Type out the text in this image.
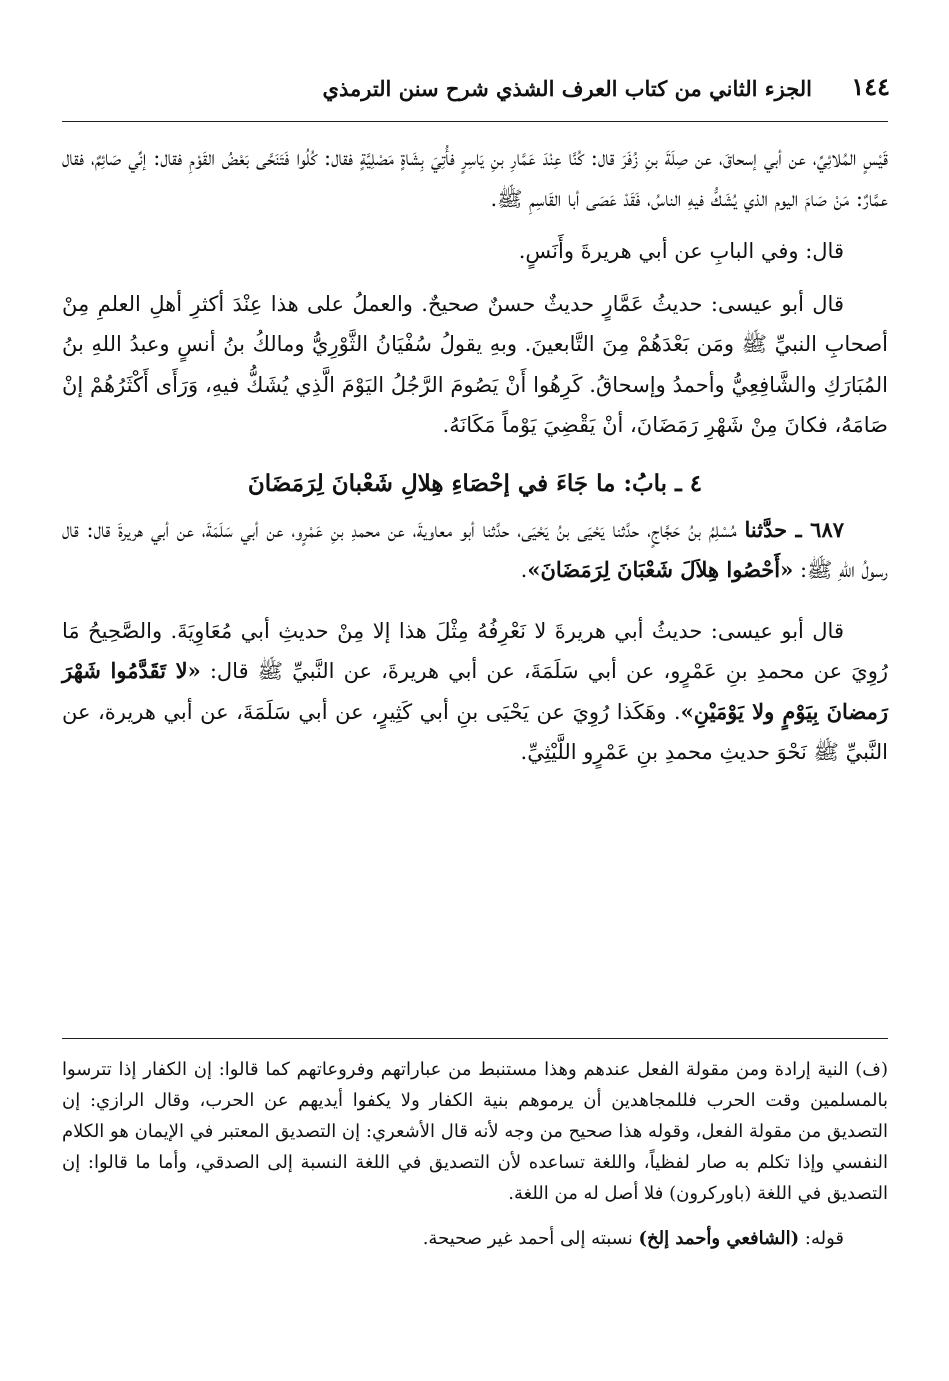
١٤٤
الجزء الثاني من كتاب العرف الشذي شرح سنن الترمذي

قَيْسٍ المُلائِيِّ، عن أبي إسحاقَ، عن صِلَةَ بنِ زُفَرَ قال: كُنَّا عِنْدَ عَمَّارِ بنِ يَاسِرٍ فأُتِيَ بِشَاةٍ مَصْلِيَّةٍ فقال: كُلُوا فَتَنَحَّى بَعْضُ القَوْمِ فقال: إنِّي صَائِمٌ، فقال عمَّارٌ: مَنْ صَامَ اليوم الذي يُشَكُّ فيهِ الناسُ، فَقَدْ عَصَى أبا القَاسِمِ ﷺ.

قال: وفي البابِ عن أبي هريرةَ وأَنَسٍ.

قال أبو عيسى: حديثُ عَمَّارٍ حديثٌ حسنٌ صحيحٌ. والعملُ على هذا عِنْدَ أكثرِ أهلِ العلمِ مِنْ أصحابِ النبيِّ ﷺ ومَن بَعْدَهُمْ مِنَ التَّابعينَ. وبهِ يقولُ سُفْيَانُ الثَّوْرِيُّ ومالكُ بنُ أنسٍ وعبدُ اللهِ بنُ المُبَارَكِ والشَّافِعِيُّ وأحمدُ وإسحاقُ. كَرِهُوا أَنْ يَصُومَ الرَّجُلُ اليَوْمَ الَّذِي يُشَكُّ فيهِ، وَرَأَى أَكْثَرُهُمْ إنْ صَامَهُ، فكانَ مِنْ شَهْرِ رَمَضَانَ، أنْ يَقْضِيَ يَوْماً مَكَانَهُ.

٤ ـ بابُ: ما جَاءَ في إحْصَاءِ هِلالِ شَعْبانَ لِرَمَضَانَ

٦٨٧ ـ حدَّثنا مُسْلِمُ بنُ حَجَّاجٍ، حدَّثنا يَحْيَى بنُ يَحْيَى، حدَّثنا أبو معاويةَ، عن محمدِ بنِ عَمْرٍو، عن أبي سَلَمَةَ، عن أبي هريرةَ قال: قال رسولُ اللهِ ﷺ: «أَحْصُوا هِلاَلَ شَعْبَانَ لِرَمَضَانَ».

قال أبو عيسى: حديثُ أبي هريرةَ لا نَعْرِفُهُ مِثْلَ هذا إلا مِنْ حديثِ أبي مُعَاوِيَةَ. والصَّحِيحُ مَا رُوِيَ عن محمدِ بنِ عَمْرٍو، عن أبي سَلَمَةَ، عن أبي هريرةَ، عن النَّبيِّ ﷺ قال: «لا تَقَدَّمُوا شَهْرَ رَمضانَ بِيَوْمٍ ولا يَوْمَيْنِ». وهَكَذا رُوِيَ عن يَحْيَى بنِ أبي كَثِيرٍ، عن أبي سَلَمَةَ، عن أبي هريرة، عن النَّبيِّ ﷺ نَحْوَ حديثِ محمدِ بنِ عَمْرٍو اللَّيْثِيِّ.

(ف) النية إرادة ومن مقولة الفعل عندهم وهذا مستنبط من عباراتهم وفروعاتهم كما قالوا: إن الكفار إذا تترسوا بالمسلمين وقت الحرب فللمجاهدين أن يرموهم بنية الكفار ولا يكفوا أيديهم عن الحرب، وقال الرازي: إن التصديق من مقولة الفعل، وقوله هذا صحيح من وجه لأنه قال الأشعري: إن التصديق المعتبر في الإيمان هو الكلام النفسي وإذا تكلم به صار لفظياً، واللغة تساعده لأن التصديق في اللغة النسبة إلى الصدقي، وأما ما قالوا: إن التصديق في اللغة (باوركرون) فلا أصل له من اللغة.

قوله: (الشافعي وأحمد إلخ) نسبته إلى أحمد غير صحيحة.
